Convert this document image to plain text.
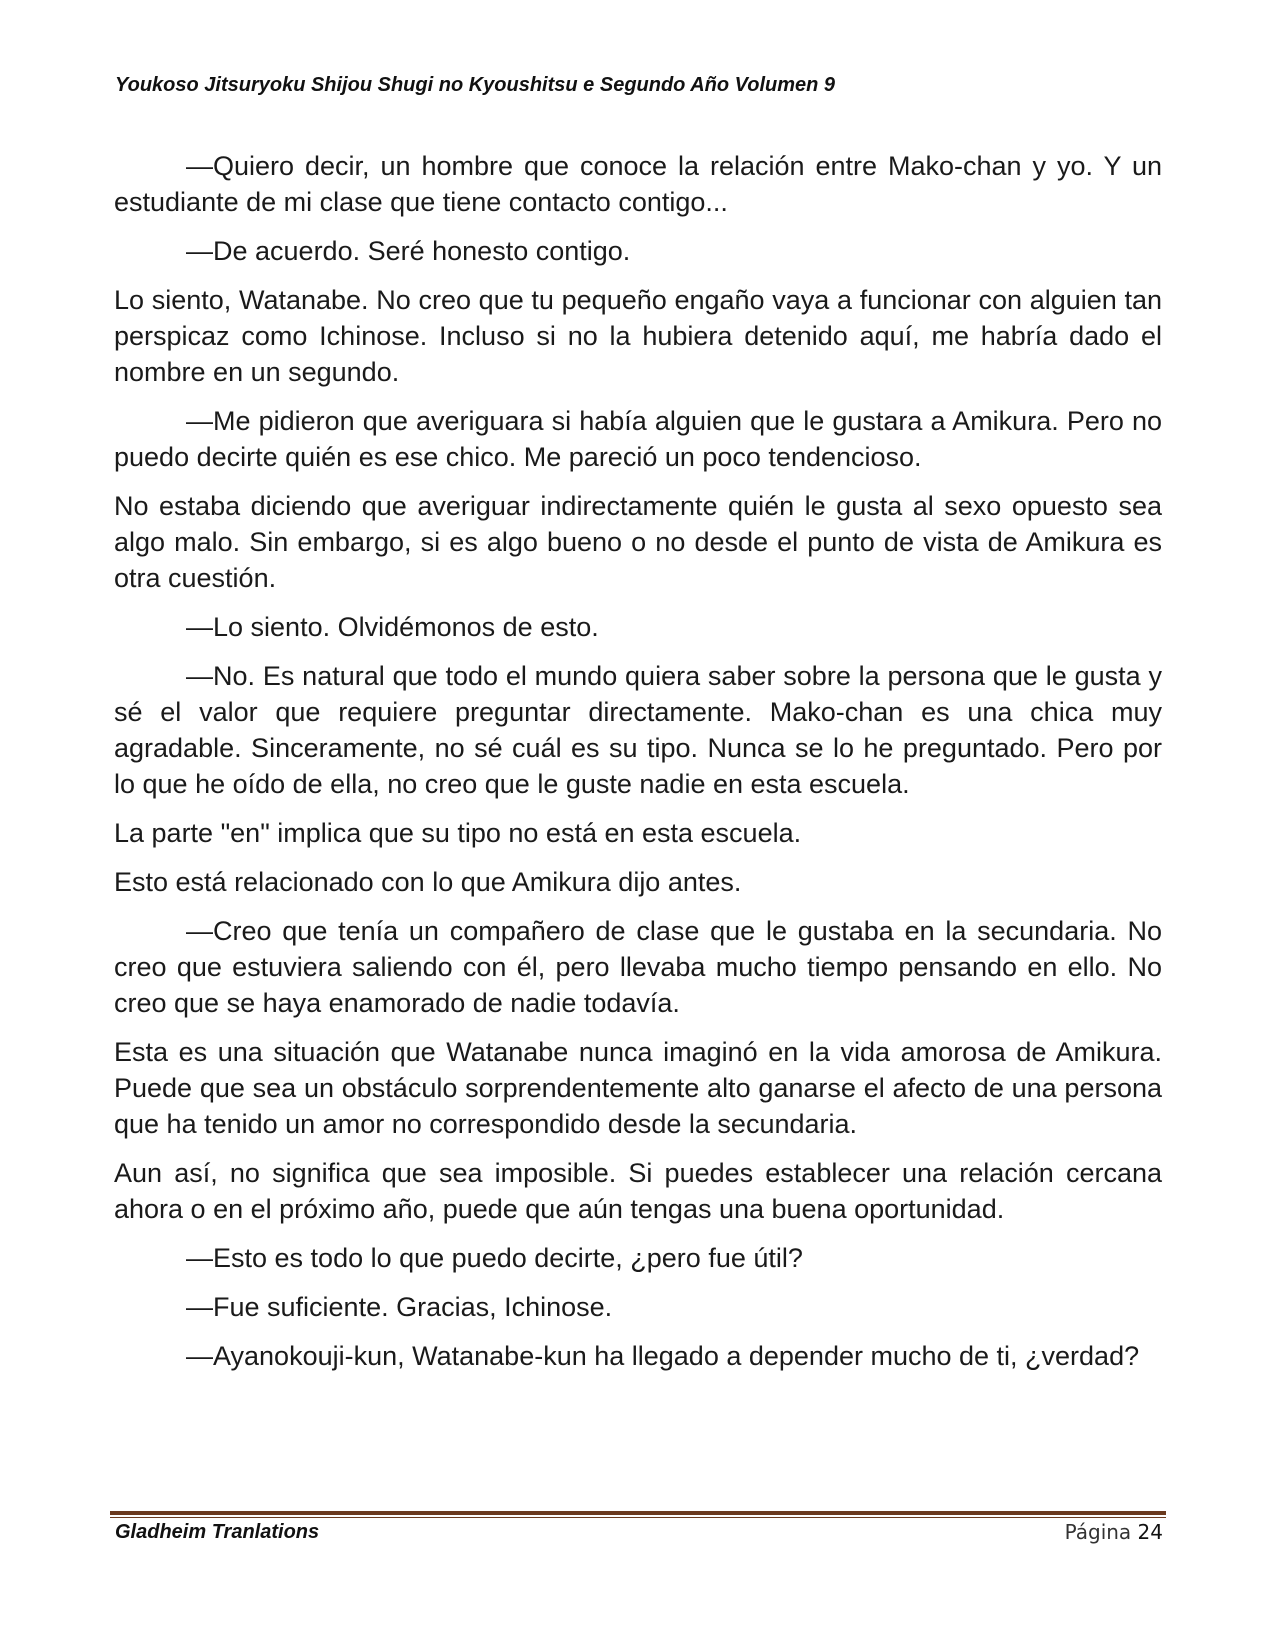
Youkoso Jitsuryoku Shijou Shugi no Kyoushitsu e Segundo Año Volumen 9

—Quiero decir, un hombre que conoce la relación entre Mako-chan y yo. Y un estudiante de mi clase que tiene contacto contigo...

—De acuerdo. Seré honesto contigo.

Lo siento, Watanabe. No creo que tu pequeño engaño vaya a funcionar con alguien tan perspicaz como Ichinose. Incluso si no la hubiera detenido aquí, me habría dado el nombre en un segundo.

—Me pidieron que averiguara si había alguien que le gustara a Amikura. Pero no puedo decirte quién es ese chico. Me pareció un poco tendencioso.

No estaba diciendo que averiguar indirectamente quién le gusta al sexo opuesto sea algo malo. Sin embargo, si es algo bueno o no desde el punto de vista de Amikura es otra cuestión.

—Lo siento. Olvidémonos de esto.

—No. Es natural que todo el mundo quiera saber sobre la persona que le gusta y sé el valor que requiere preguntar directamente. Mako-chan es una chica muy agradable. Sinceramente, no sé cuál es su tipo. Nunca se lo he preguntado. Pero por lo que he oído de ella, no creo que le guste nadie en esta escuela.

La parte "en" implica que su tipo no está en esta escuela.

Esto está relacionado con lo que Amikura dijo antes.

—Creo que tenía un compañero de clase que le gustaba en la secundaria. No creo que estuviera saliendo con él, pero llevaba mucho tiempo pensando en ello. No creo que se haya enamorado de nadie todavía.

Esta es una situación que Watanabe nunca imaginó en la vida amorosa de Amikura. Puede que sea un obstáculo sorprendentemente alto ganarse el afecto de una persona que ha tenido un amor no correspondido desde la secundaria.

Aun así, no significa que sea imposible. Si puedes establecer una relación cercana ahora o en el próximo año, puede que aún tengas una buena oportunidad.

—Esto es todo lo que puedo decirte, ¿pero fue útil?

—Fue suficiente. Gracias, Ichinose.

—Ayanokouji-kun, Watanabe-kun ha llegado a depender mucho de ti, ¿verdad?

Gladheim Tranlations	Página 24
